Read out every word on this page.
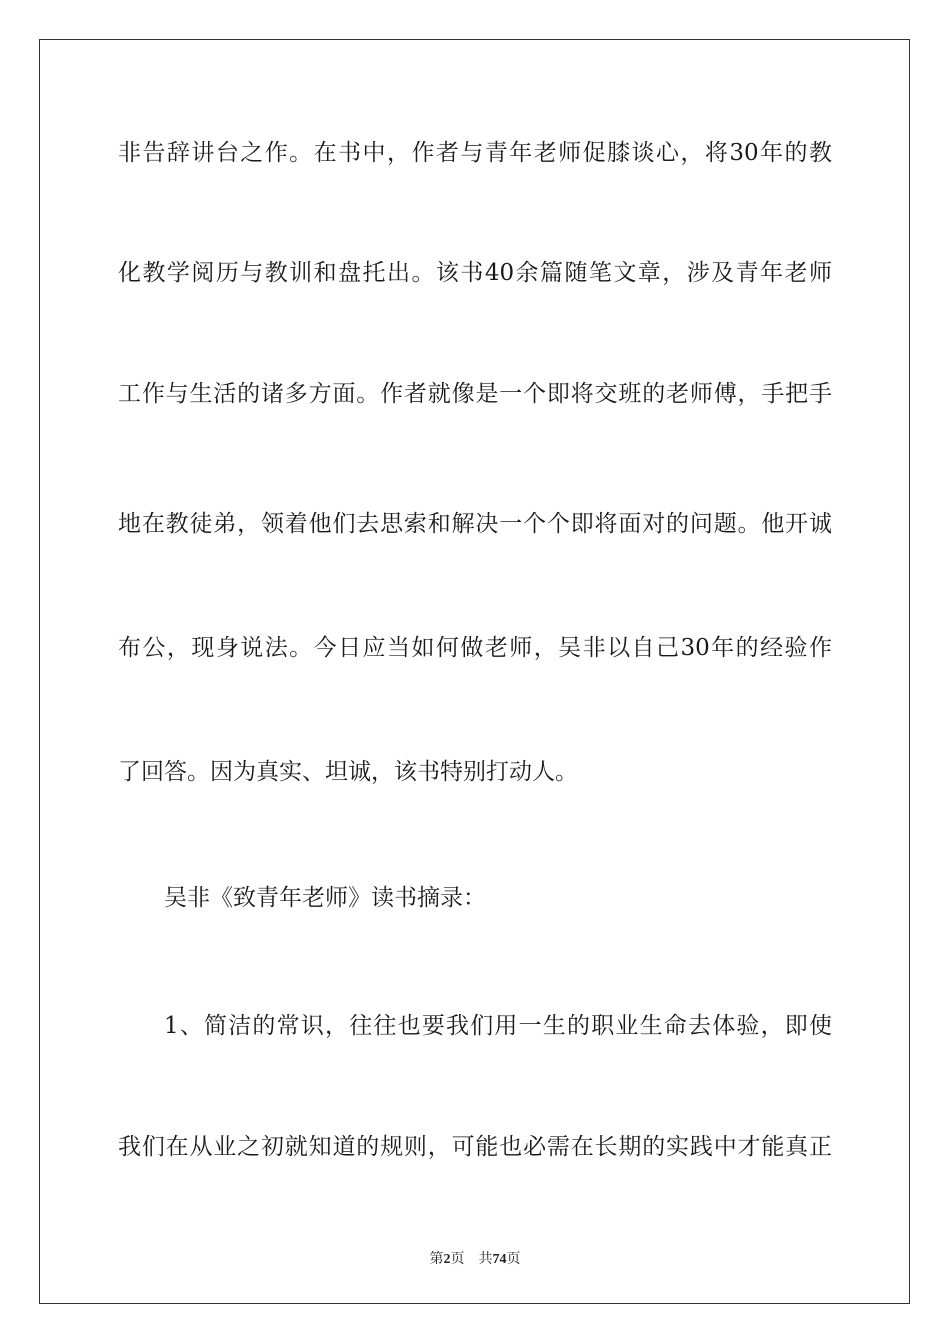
非告辞讲台之作。在书中，作者与青年老师促膝谈心，将30年的教
化教学阅历与教训和盘托出。该书40余篇随笔文章，涉及青年老师
工作与生活的诸多方面。作者就像是一个即将交班的老师傅，手把手
地在教徒弟，领着他们去思索和解决一个个即将面对的问题。他开诚
布公，现身说法。今日应当如何做老师，吴非以自己30年的经验作
了回答。因为真实、坦诚，该书特别打动人。
吴非《致青年老师》读书摘录：
1、简洁的常识，往往也要我们用一生的职业生命去体验，即使
我们在从业之初就知道的规则，可能也必需在长期的实践中才能真正
第2页 共74页
